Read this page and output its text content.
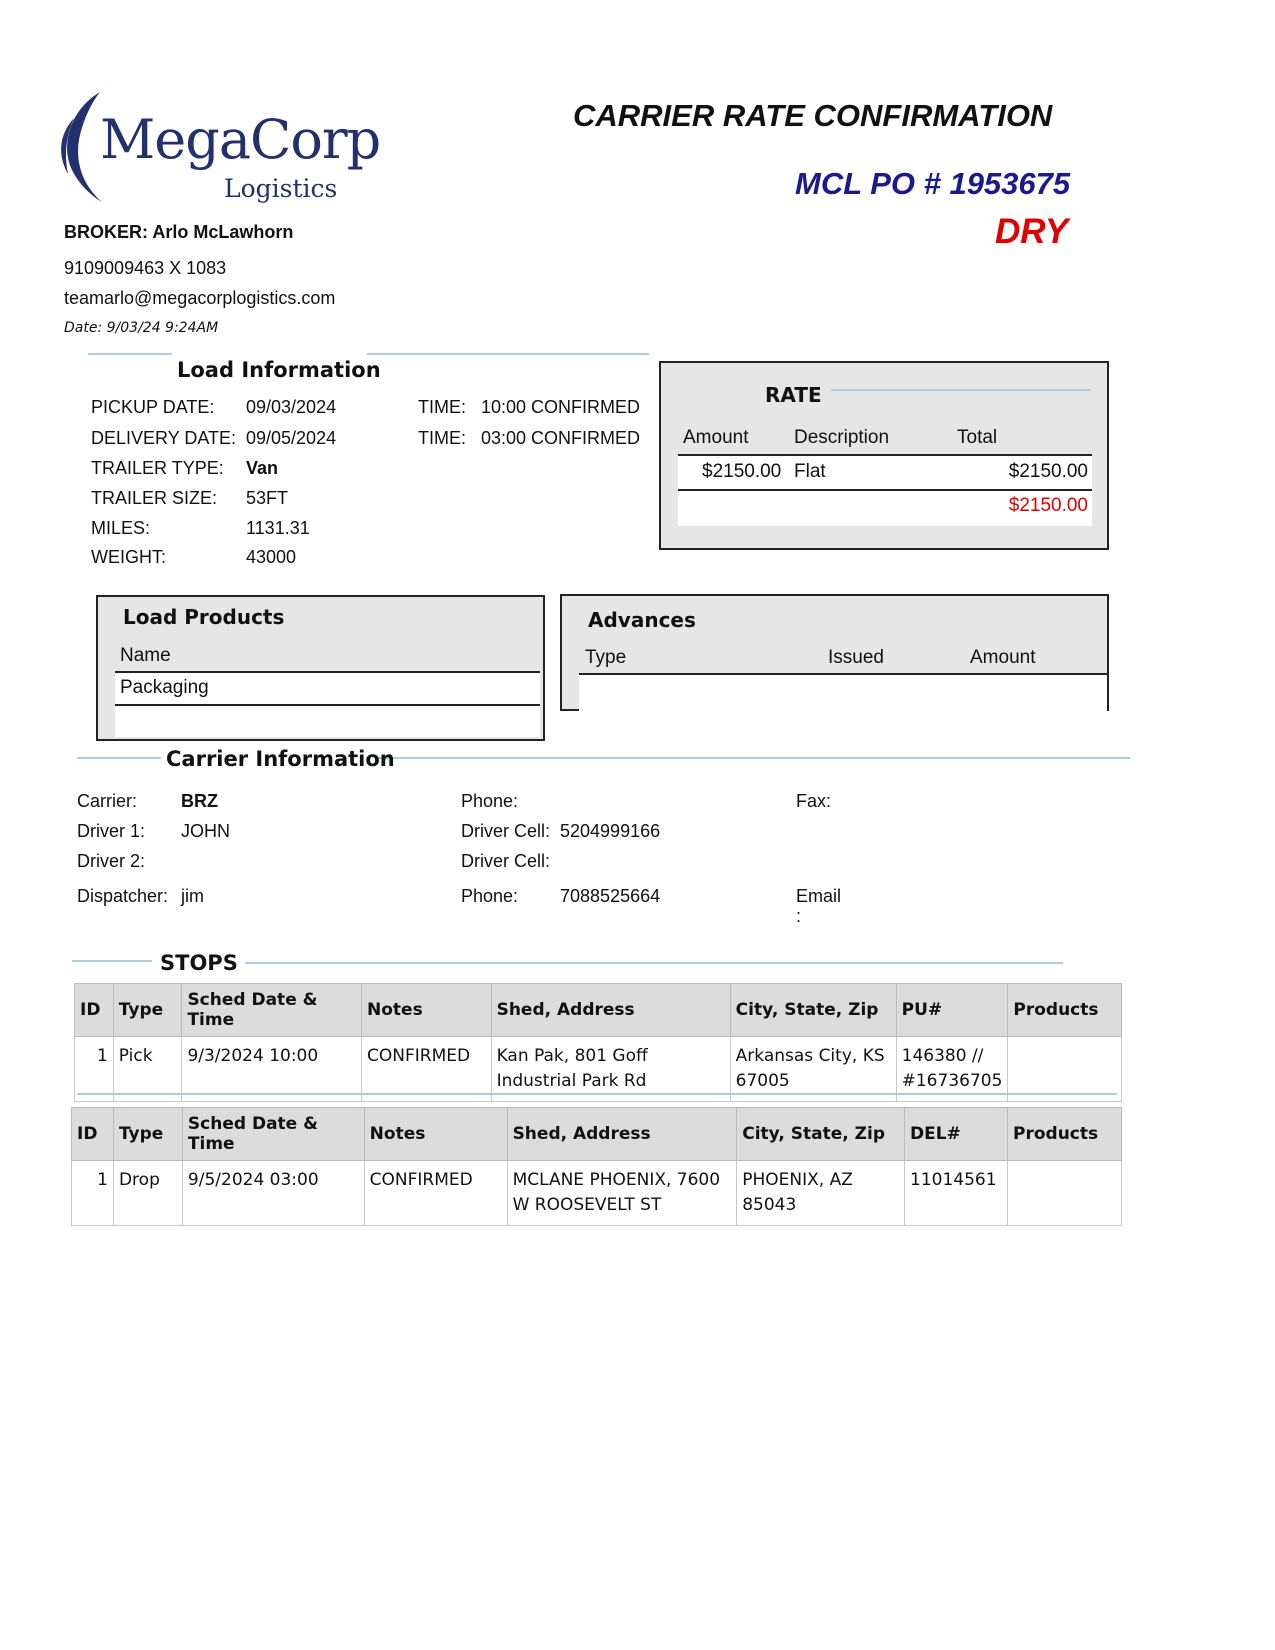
MegaCorp
Logistics
CARRIER RATE CONFIRMATION
MCL PO # 1953675
DRY
BROKER: Arlo McLawhorn
9109009463 X 1083
teamarlo@megacorplogistics.com
Date: 9/03/24 9:24AM
Load Information
PICKUP DATE: 09/03/2024	TIME: 10:00 CONFIRMED
DELIVERY DATE: 09/05/2024	TIME: 03:00 CONFIRMED
TRAILER TYPE: Van
TRAILER SIZE: 53FT
MILES:	1131.31
WEIGHT:	43000
RATE
Amount Description	Total
$2150.00 Flat	$2150.00
$2150.00
Load Products
Name
Packaging
Advances
Type	Issued	Amount
Carrier Information
Carrier: BRZ	Phone:	Fax:
Driver 1: JOHN	Driver Cell: 5204999166
Driver 2:	Driver Cell:
Dispatcher: jim	Phone: 7088525664	Email
:
STOPS
ID	Type	Sched Date & Time	Notes	Shed, Address	City, State, Zip	PU#	Products
1	Pick	9/3/2024 10:00	CONFIRMED	Kan Pak, 801 Goff Industrial Park Rd	Arkansas City, KS 67005	146380 // #16736705	
ID	Type	Sched Date & Time	Notes	Shed, Address	City, State, Zip	DEL#	Products
1	Drop	9/5/2024 03:00	CONFIRMED	MCLANE PHOENIX, 7600 W ROOSEVELT ST	PHOENIX, AZ 85043	11014561	
